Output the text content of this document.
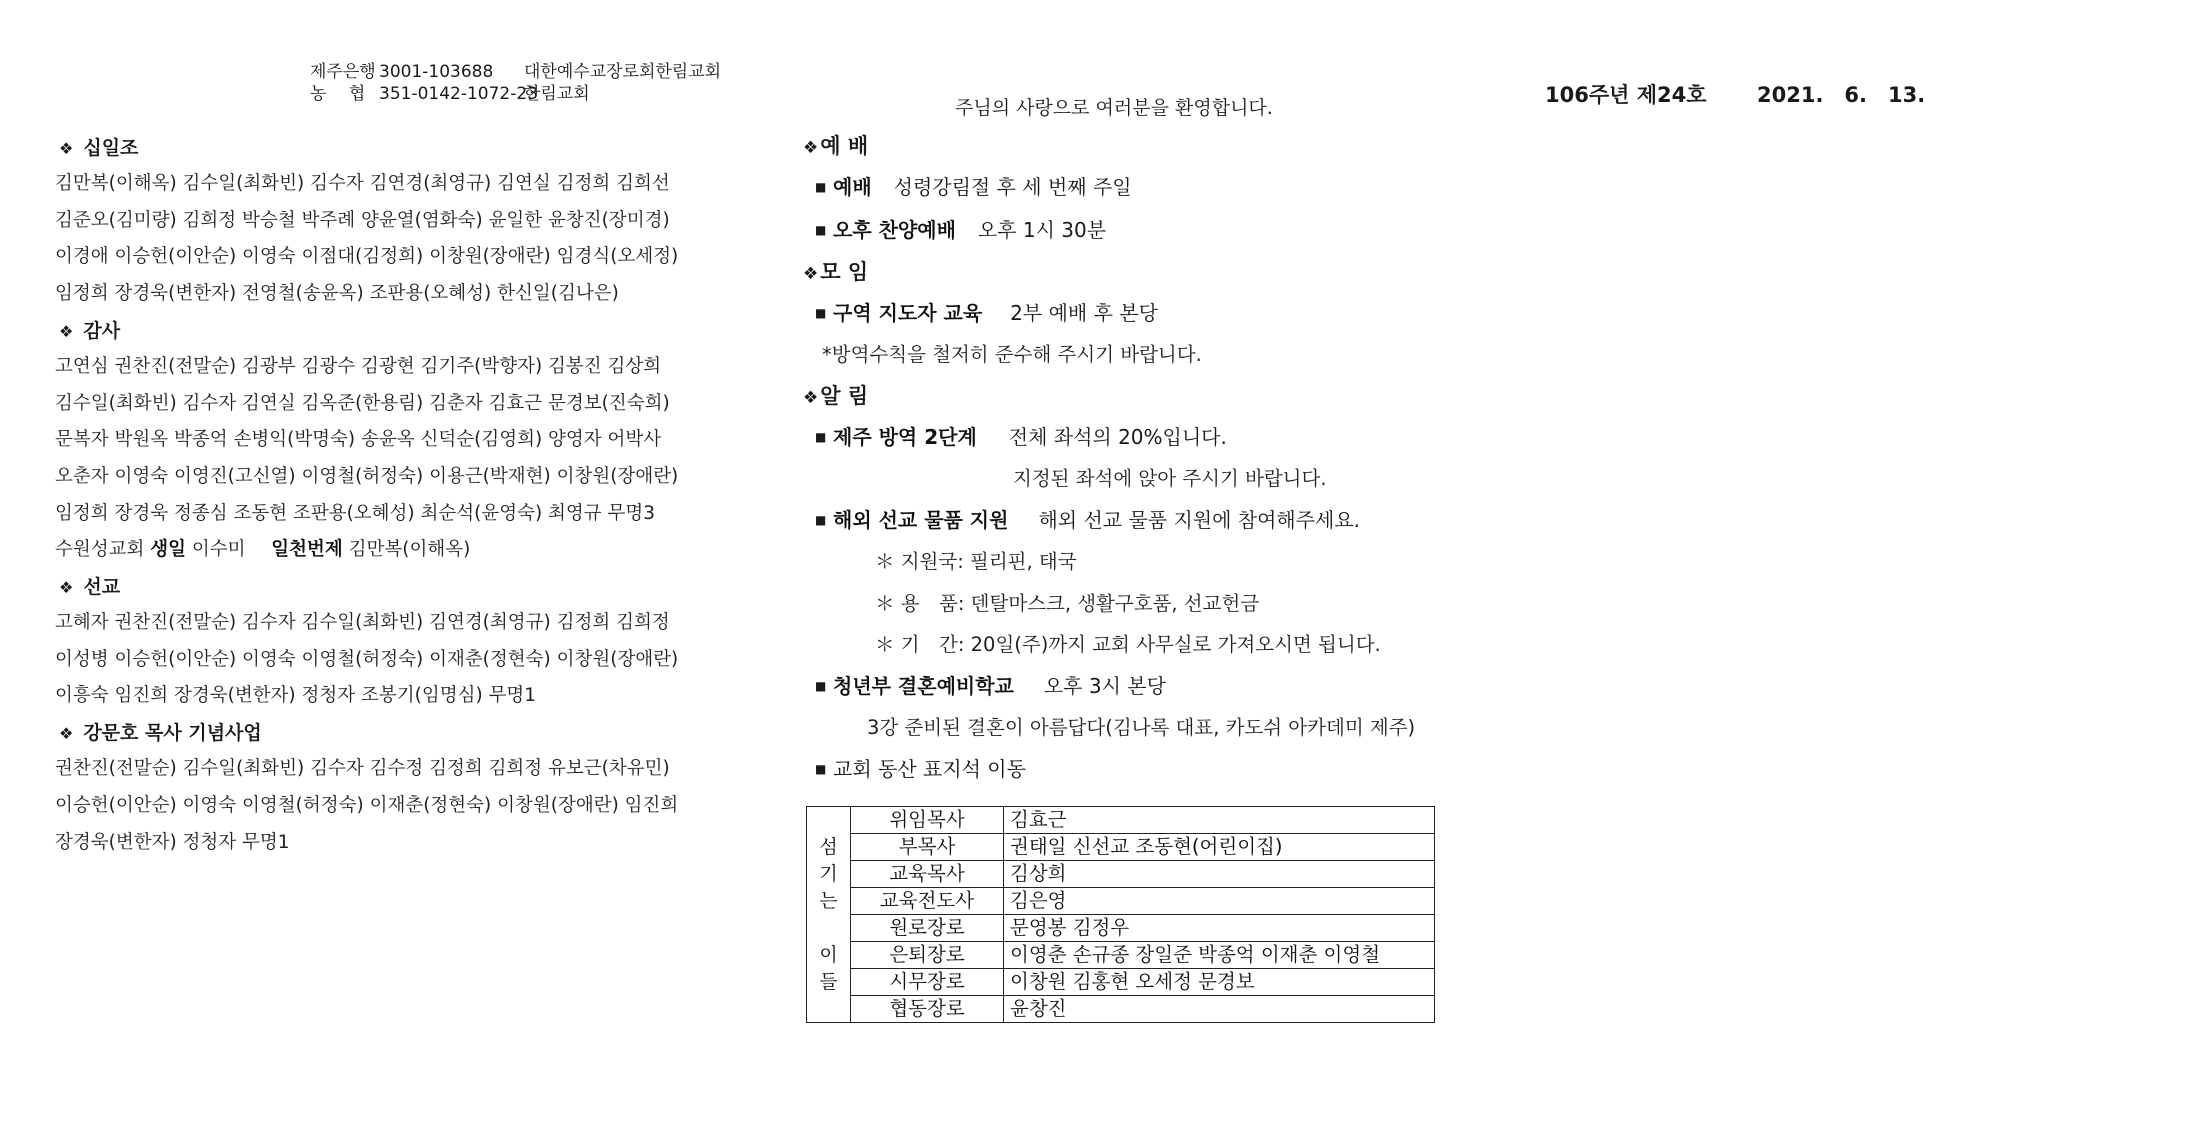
제주은행 3001-103688 대한예수교장로회한림교회
농　 협 351-0142-1072-23한림교회
주님의 사랑으로 여러분을 환영합니다.
106주년 제24호 2021.　6.　13.
❖ 십일조
김만복(이해옥) 김수일(최화빈) 김수자 김연경(최영규) 김연실 김정희 김희선
김준오(김미량) 김희정 박승철 박주례 양윤열(염화숙) 윤일한 윤창진(장미경)
이경애 이승헌(이안순) 이영숙 이점대(김정희) 이창원(장애란) 임경식(오세정)
임정희 장경욱(변한자) 전영철(송윤옥) 조판용(오혜성) 한신일(김나은)
❖ 감사
고연심 권찬진(전말순) 김광부 김광수 김광현 김기주(박향자) 김봉진 김상희
김수일(최화빈) 김수자 김연실 김옥준(한용림) 김춘자 김효근 문경보(진숙희)
문복자 박원옥 박종억 손병익(박명숙) 송윤옥 신덕순(김영희) 양영자 어박사
오춘자 이영숙 이영진(고신열) 이영철(허정숙) 이용근(박재현) 이창원(장애란)
임정희 장경욱 정종심 조동현 조판용(오혜성) 최순석(윤영숙) 최영규 무명3
수원성교회 생일 이수미 일천번제 김만복(이해옥)
❖ 선교
고혜자 권찬진(전말순) 김수자 김수일(최화빈) 김연경(최영규) 김정희 김희정
이성병 이승헌(이안순) 이영숙 이영철(허정숙) 이재춘(정현숙) 이창원(장애란)
이흥숙 임진희 장경욱(변한자) 정청자 조봉기(임명심) 무명1
❖ 강문호 목사 기념사업
권찬진(전말순) 김수일(최화빈) 김수자 김수정 김정희 김희정 유보근(차유민)
이승헌(이안순) 이영숙 이영철(허정숙) 이재춘(정현숙) 이창원(장애란) 임진희
장경욱(변한자) 정청자 무명1
❖예 배
■ 예배 성령강림절 후 세 번째 주일
■ 오후 찬양예배 오후 1시 30분
❖모 임
■ 구역 지도자 교육 2부 예배 후 본당
*방역수칙을 철저히 준수해 주시기 바랍니다.
❖알 림
■ 제주 방역 2단계 전체 좌석의 20%입니다.
지정된 좌석에 앉아 주시기 바랍니다.
■ 해외 선교 물품 지원 해외 선교 물품 지원에 참여해주세요.
＊ 지원국: 필리핀, 태국
＊ 용　품: 덴탈마스크, 생활구호품, 선교헌금
＊ 기　간: 20일(주)까지 교회 사무실로 가져오시면 됩니다.
■ 청년부 결혼예비학교 오후 3시 본당
3강 준비된 결혼이 아름답다(김나록 대표, 카도쉬 아카데미 제주)
■ 교회 동산 표지석 이동
섬
기
는
이
들	위임목사	김효근
	부목사	권태일 신선교 조동현(어린이집)
	교육목사	김상희
	교육전도사	김은영
	원로장로	문영봉 김정우
	은퇴장로	이영춘 손규종 장일준 박종억 이재춘 이영철
	시무장로	이창원 김홍현 오세정 문경보
	협동장로	윤창진
